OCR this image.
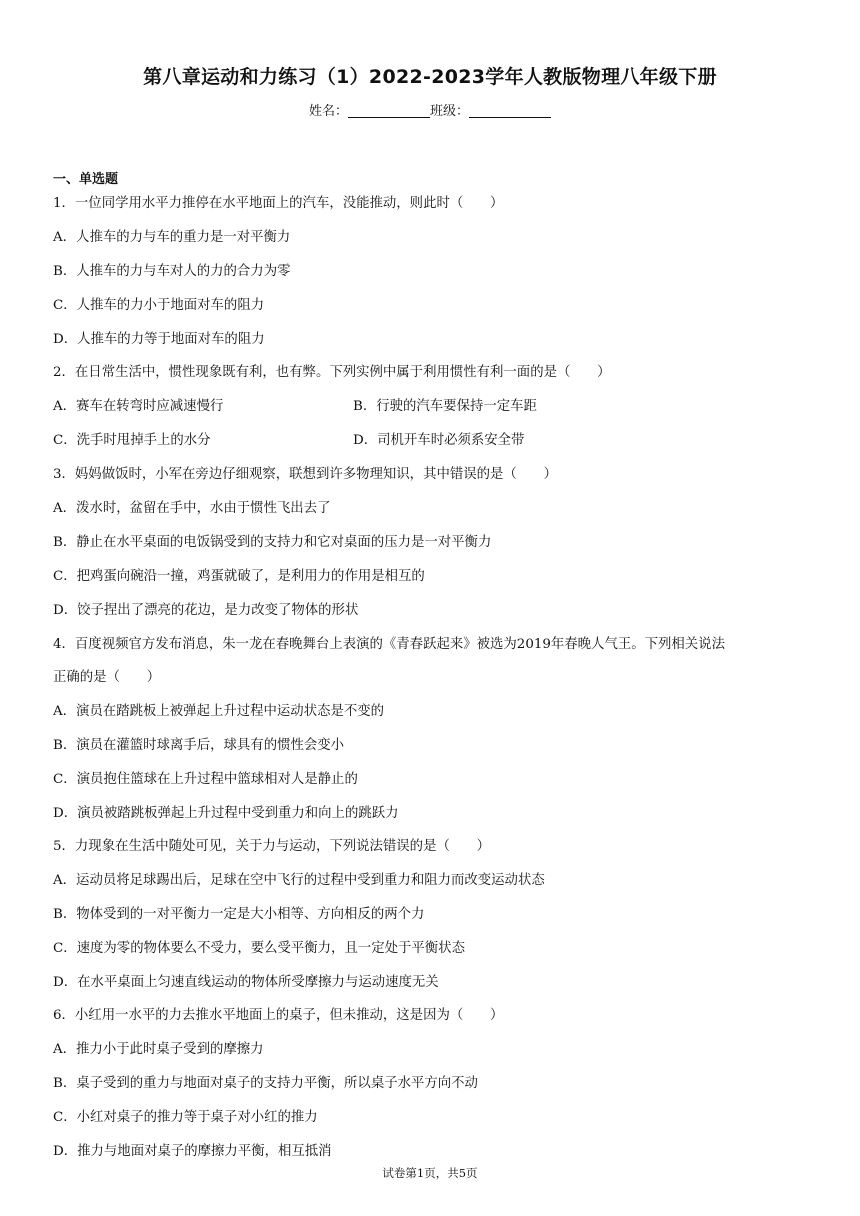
第八章运动和力练习（1）2022-2023学年人教版物理八年级下册
姓名：	班级：
一、单选题
1．一位同学用水平力推停在水平地面上的汽车，没能推动，则此时（　　）
A．人推车的力与车的重力是一对平衡力
B．人推车的力与车对人的力的合力为零
C．人推车的力小于地面对车的阻力
D．人推车的力等于地面对车的阻力
2．在日常生活中，惯性现象既有利，也有弊。下列实例中属于利用惯性有利一面的是（　　）
A．赛车在转弯时应减速慢行	B．行驶的汽车要保持一定车距
C．洗手时甩掉手上的水分	D．司机开车时必须系安全带
3．妈妈做饭时，小军在旁边仔细观察，联想到许多物理知识，其中错误的是（　　）
A．泼水时，盆留在手中，水由于惯性飞出去了
B．静止在水平桌面的电饭锅受到的支持力和它对桌面的压力是一对平衡力
C．把鸡蛋向碗沿一撞，鸡蛋就破了，是利用力的作用是相互的
D．饺子捏出了漂亮的花边，是力改变了物体的形状
4．百度视频官方发布消息，朱一龙在春晚舞台上表演的《青春跃起来》被选为2019年春晚人气王。下列相关说法
正确的是（　　）
A．演员在踏跳板上被弹起上升过程中运动状态是不变的
B．演员在灌篮时球离手后，球具有的惯性会变小
C．演员抱住篮球在上升过程中篮球相对人是静止的
D．演员被踏跳板弹起上升过程中受到重力和向上的跳跃力
5．力现象在生活中随处可见，关于力与运动，下列说法错误的是（　　）
A．运动员将足球踢出后，足球在空中飞行的过程中受到重力和阻力而改变运动状态
B．物体受到的一对平衡力一定是大小相等、方向相反的两个力
C．速度为零的物体要么不受力，要么受平衡力，且一定处于平衡状态
D．在水平桌面上匀速直线运动的物体所受摩擦力与运动速度无关
6．小红用一水平的力去推水平地面上的桌子，但未推动，这是因为（　　）
A．推力小于此时桌子受到的摩擦力
B．桌子受到的重力与地面对桌子的支持力平衡，所以桌子水平方向不动
C．小红对桌子的推力等于桌子对小红的推力
D．推力与地面对桌子的摩擦力平衡，相互抵消
试卷第1页，共5页
